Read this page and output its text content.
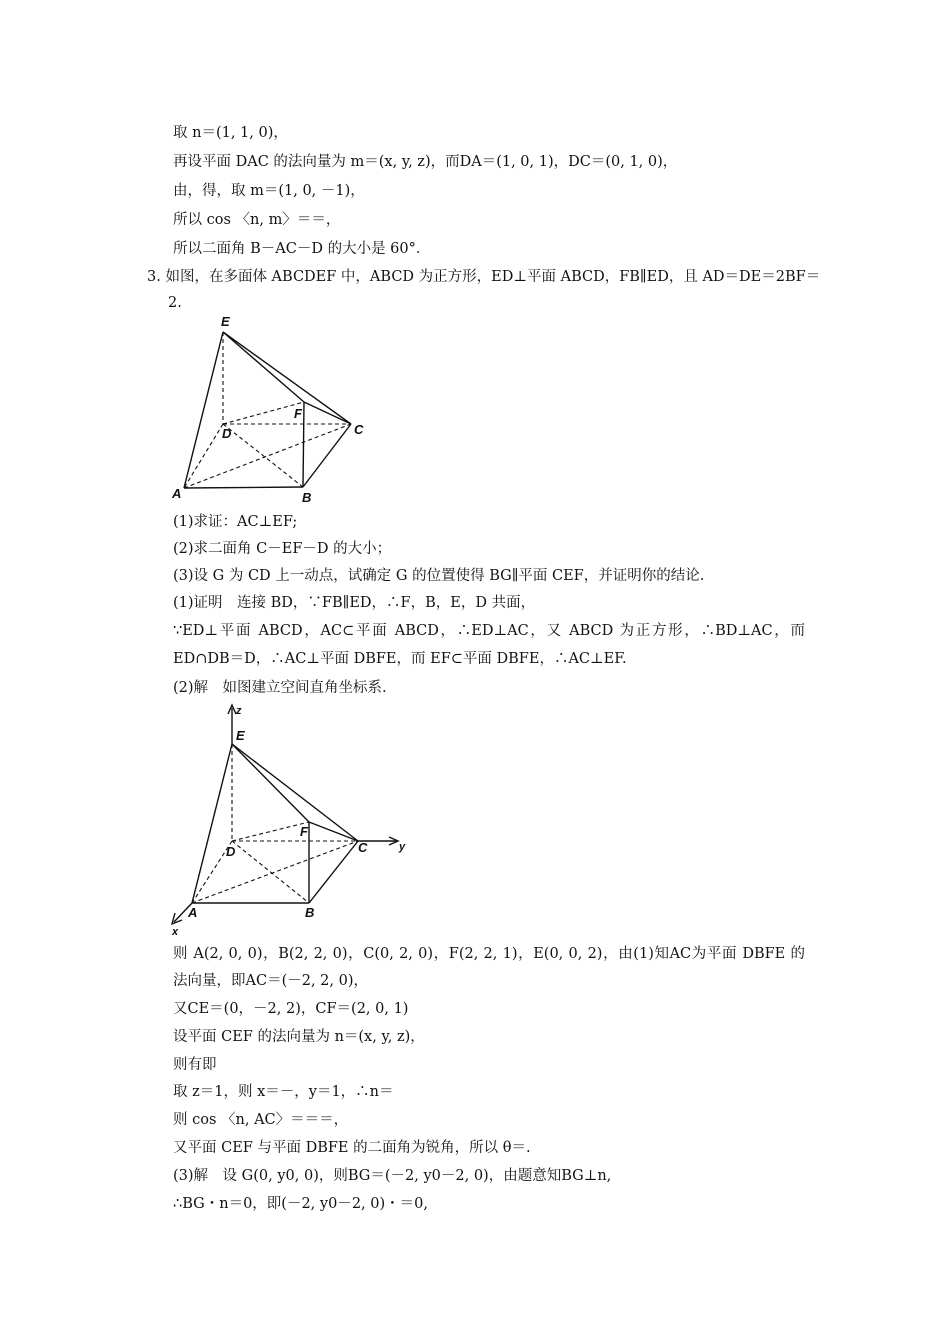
取 n＝(1, 1, 0)，
再设平面 DAC 的法向量为 m＝(x, y, z)，而DA＝(1, 0, 1)，DC＝(0, 1, 0)，
由，得，取 m＝(1, 0, －1)，
所以 cos 〈n, m〉＝＝，
所以二面角 B－AC－D 的大小是 60°．
3. 如图，在多面体 ABCDEF 中，ABCD 为正方形，ED⊥平面 ABCD，FB∥ED，且 AD＝DE＝2BF＝
2.
E
F
D	C
A	B
(1)求证：AC⊥EF;
(2)求二面角 C－EF－D 的大小；
(3)设 G 为 CD 上一动点，试确定 G 的位置使得 BG∥平面 CEF，并证明你的结论.
(1)证明　连接 BD，∵FB∥ED，∴F，B，E，D 共面，
∵ED⊥平面 ABCD，AC⊂平面 ABCD，∴ED⊥AC，又 ABCD 为正方形，∴BD⊥AC，而
ED∩DB＝D，∴AC⊥平面 DBFE，而 EF⊂平面 DBFE，∴AC⊥EF.
(2)解　如图建立空间直角坐标系.
z
E
F
D	C	y
A	B
x
则 A(2, 0, 0)，B(2, 2, 0)，C(0, 2, 0)，F(2, 2, 1)，E(0, 0, 2)，由(1)知AC为平面 DBFE 的
法向量，即AC＝(－2, 2, 0)，
又CE＝(0，－2, 2)，CF＝(2, 0, 1)
设平面 CEF 的法向量为 n＝(x, y, z)，
则有即
取 z＝1，则 x＝－，y＝1，∴n＝
则 cos 〈n, AC〉＝＝＝，
又平面 CEF 与平面 DBFE 的二面角为锐角，所以 θ＝.
(3)解　设 G(0, y0, 0)，则BG＝(－2, y0－2, 0)，由题意知BG⊥n,
∴BG・n＝0，即(－2, y0－2, 0)・＝0,
